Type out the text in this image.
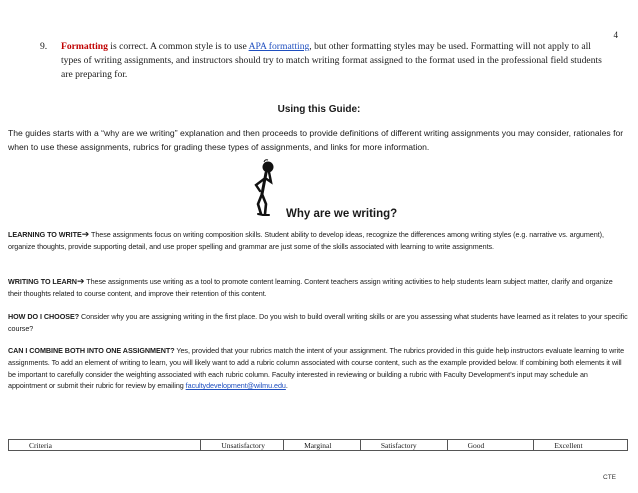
4
9.	Formatting is correct. A common style is to use APA formatting, but other formatting styles may be used. Formatting will not apply to all types of writing assignments, and instructors should try to match writing format assigned to the format used in the professional field students are preparing for.
Using this Guide:
The guides starts with a “why are we writing” explanation and then proceeds to provide definitions of different writing assignments you may consider, rationales for when to use these assignments, rubrics for grading these types of assignments, and links for more information.
Why are we writing?
LEARNING TO WRITE➔ These assignments focus on writing composition skills. Student ability to develop ideas, recognize the differences among writing styles (e.g. narrative vs. argument), organize thoughts, provide supporting detail, and use proper spelling and grammar are just some of the skills associated with learning to write assignments.
WRITING TO LEARN➔ These assignments use writing as a tool to promote content learning. Content teachers assign writing activities to help students learn subject matter, clarify and organize their thoughts related to course content, and improve their retention of this content.
HOW DO I CHOOSE? Consider why you are assigning writing in the first place. Do you wish to build overall writing skills or are you assessing what students have learned as it relates to your specific course?
CAN I COMBINE BOTH INTO ONE ASSIGNMENT? Yes, provided that your rubrics match the intent of your assignment. The rubrics provided in this guide help instructors evaluate learning to write assignments. To add an element of writing to learn, you will likely want to add a rubric column associated with course content, such as the example provided below. If combining both elements it will be important to carefully consider the weighting associated with each rubric column. Faculty interested in reviewing or building a rubric with Faculty Development’s input may schedule an appointment or submit their rubric for review by emailing facultydevelopment@wilmu.edu.
Criteria	Unsatisfactory	Marginal	Satisfactory	Good	Excellent
CTE
